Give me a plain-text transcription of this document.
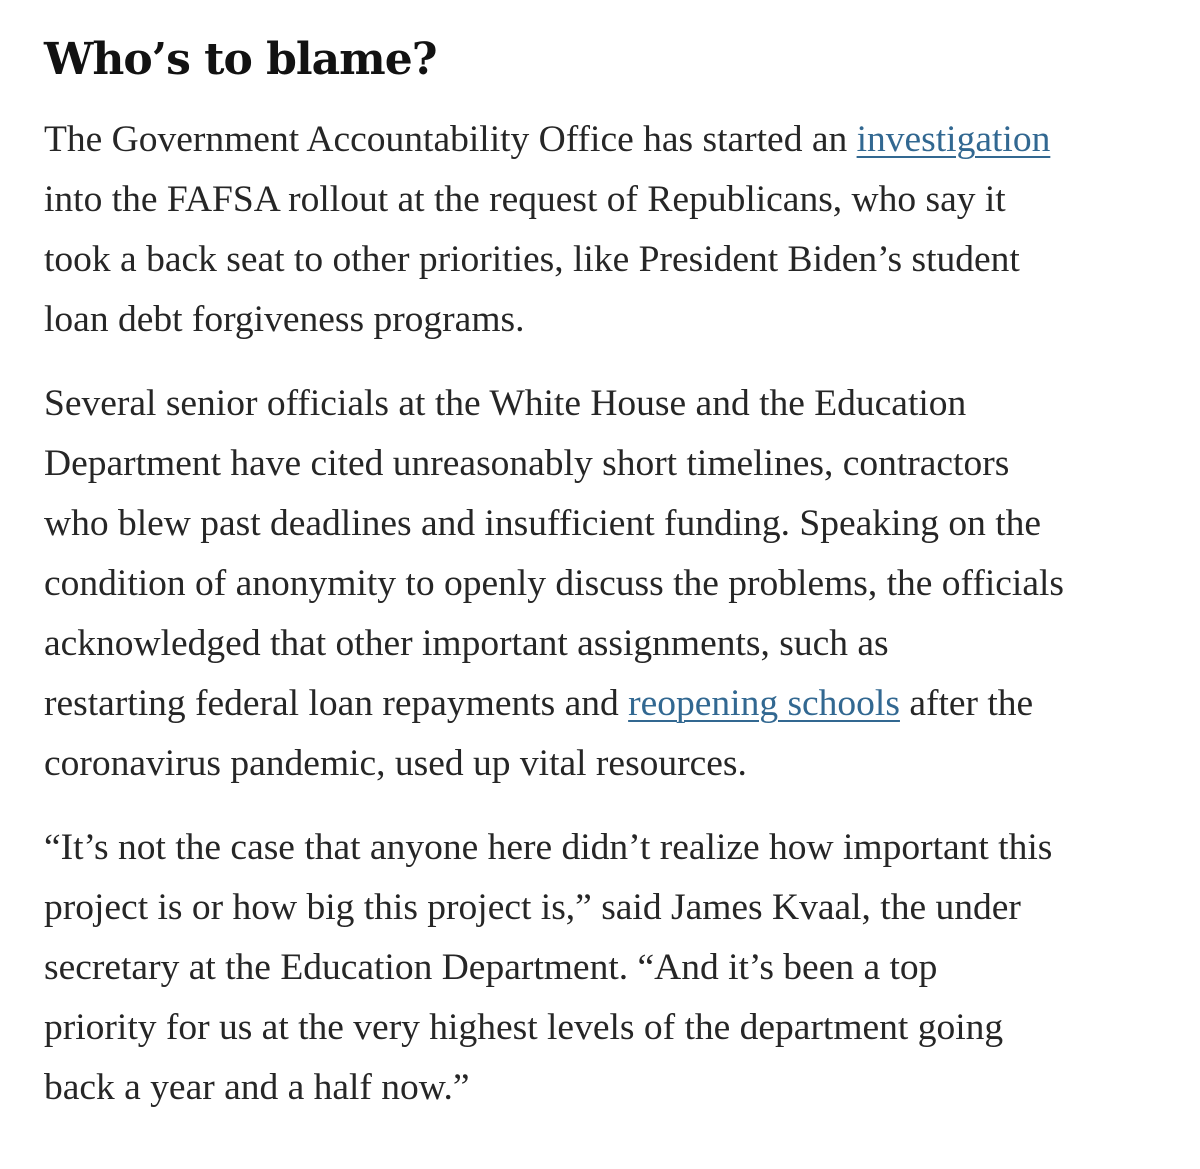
Who’s to blame?

The Government Accountability Office has started an investigation
into the FAFSA rollout at the request of Republicans, who say it
took a back seat to other priorities, like President Biden’s student
loan debt forgiveness programs.

Several senior officials at the White House and the Education
Department have cited unreasonably short timelines, contractors
who blew past deadlines and insufficient funding. Speaking on the
condition of anonymity to openly discuss the problems, the officials
acknowledged that other important assignments, such as
restarting federal loan repayments and reopening schools after the
coronavirus pandemic, used up vital resources.

“It’s not the case that anyone here didn’t realize how important this
project is or how big this project is,” said James Kvaal, the under
secretary at the Education Department. “And it’s been a top
priority for us at the very highest levels of the department going
back a year and a half now.”
